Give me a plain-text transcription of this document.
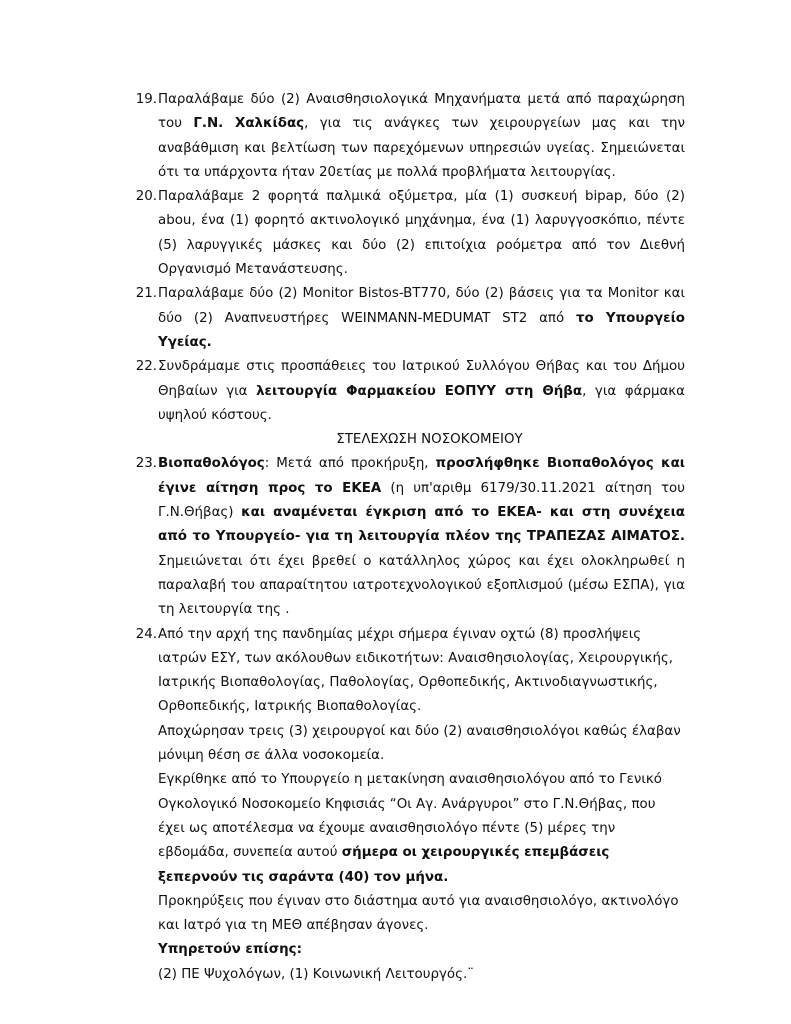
19. Παραλάβαμε δύο (2) Αναισθησιολογικά Μηχανήματα μετά από παραχώρηση του Γ.Ν. Χαλκίδας, για τις ανάγκες των χειρουργείων μας και την αναβάθμιση και βελτίωση των παρεχόμενων υπηρεσιών υγείας. Σημειώνεται ότι τα υπάρχοντα ήταν 20ετίας με πολλά προβλήματα λειτουργίας.
20. Παραλάβαμε 2 φορητά παλμικά οξύμετρα, μία (1) συσκευή bipap, δύο (2) abou, ένα (1) φορητό ακτινολογικό μηχάνημα, ένα (1) λαρυγγοσκόπιο, πέντε (5) λαρυγγικές μάσκες και δύο (2) επιτοίχια ροόμετρα από τον Διεθνή Οργανισμό Μετανάστευσης.
21. Παραλάβαμε δύο (2) Monitor Bistos-BT770, δύο (2) βάσεις για τα Monitor και δύο (2) Αναπνευστήρες WEINMANN-MEDUMAT ST2 από το Υπουργείο Υγείας.
22. Συνδράμαμε στις προσπάθειες του Ιατρικού Συλλόγου Θήβας και του Δήμου Θηβαίων για λειτουργία Φαρμακείου ΕΟΠΥΥ στη Θήβα, για φάρμακα υψηλού κόστους.
ΣΤΕΛΕΧΩΣΗ ΝΟΣΟΚΟΜΕΙΟΥ
23. Βιοπαθολόγος: Μετά από προκήρυξη, προσλήφθηκε Βιοπαθολόγος και έγινε αίτηση προς το ΕΚΕΑ (η υπ'αριθμ 6179/30.11.2021 αίτηση του Γ.Ν.Θήβας) και αναμένεται έγκριση από το ΕΚΕΑ- και στη συνέχεια από το Υπουργείο- για τη λειτουργία πλέον της ΤΡΑΠΕΖΑΣ ΑΙΜΑΤΟΣ. Σημειώνεται ότι έχει βρεθεί ο κατάλληλος χώρος και έχει ολοκληρωθεί η παραλαβή του απαραίτητου ιατροτεχνολογικού εξοπλισμού (μέσω ΕΣΠΑ), για τη λειτουργία της .
24. Από την αρχή της πανδημίας μέχρι σήμερα έγιναν οχτώ (8) προσλήψεις ιατρών ΕΣΥ, των ακόλουθων ειδικοτήτων: Αναισθησιολογίας, Χειρουργικής, Ιατρικής Βιοπαθολογίας, Παθολογίας, Ορθοπεδικής, Ακτινοδιαγνωστικής, Ορθοπεδικής, Ιατρικής Βιοπαθολογίας.
Αποχώρησαν τρεις (3) χειρουργοί και δύο (2) αναισθησιολόγοι καθώς έλαβαν μόνιμη θέση σε άλλα νοσοκομεία.
Εγκρίθηκε από το Υπουργείο η μετακίνηση αναισθησιολόγου από το Γενικό Ογκολογικό Νοσοκομείο Κηφισιάς “Οι Αγ. Ανάργυροι” στο Γ.Ν.Θήβας, που έχει ως αποτέλεσμα να έχουμε αναισθησιολόγο πέντε (5) μέρες την εβδομάδα, συνεπεία αυτού σήμερα οι χειρουργικές επεμβάσεις ξεπερνούν τις σαράντα (40) τον μήνα.
Προκηρύξεις που έγιναν στο διάστημα αυτό για αναισθησιολόγο, ακτινολόγο και Ιατρό για τη ΜΕΘ απέβησαν άγονες.
Υπηρετούν επίσης:
(2) ΠΕ Ψυχολόγων, (1) Κοινωνική Λειτουργός.¨
